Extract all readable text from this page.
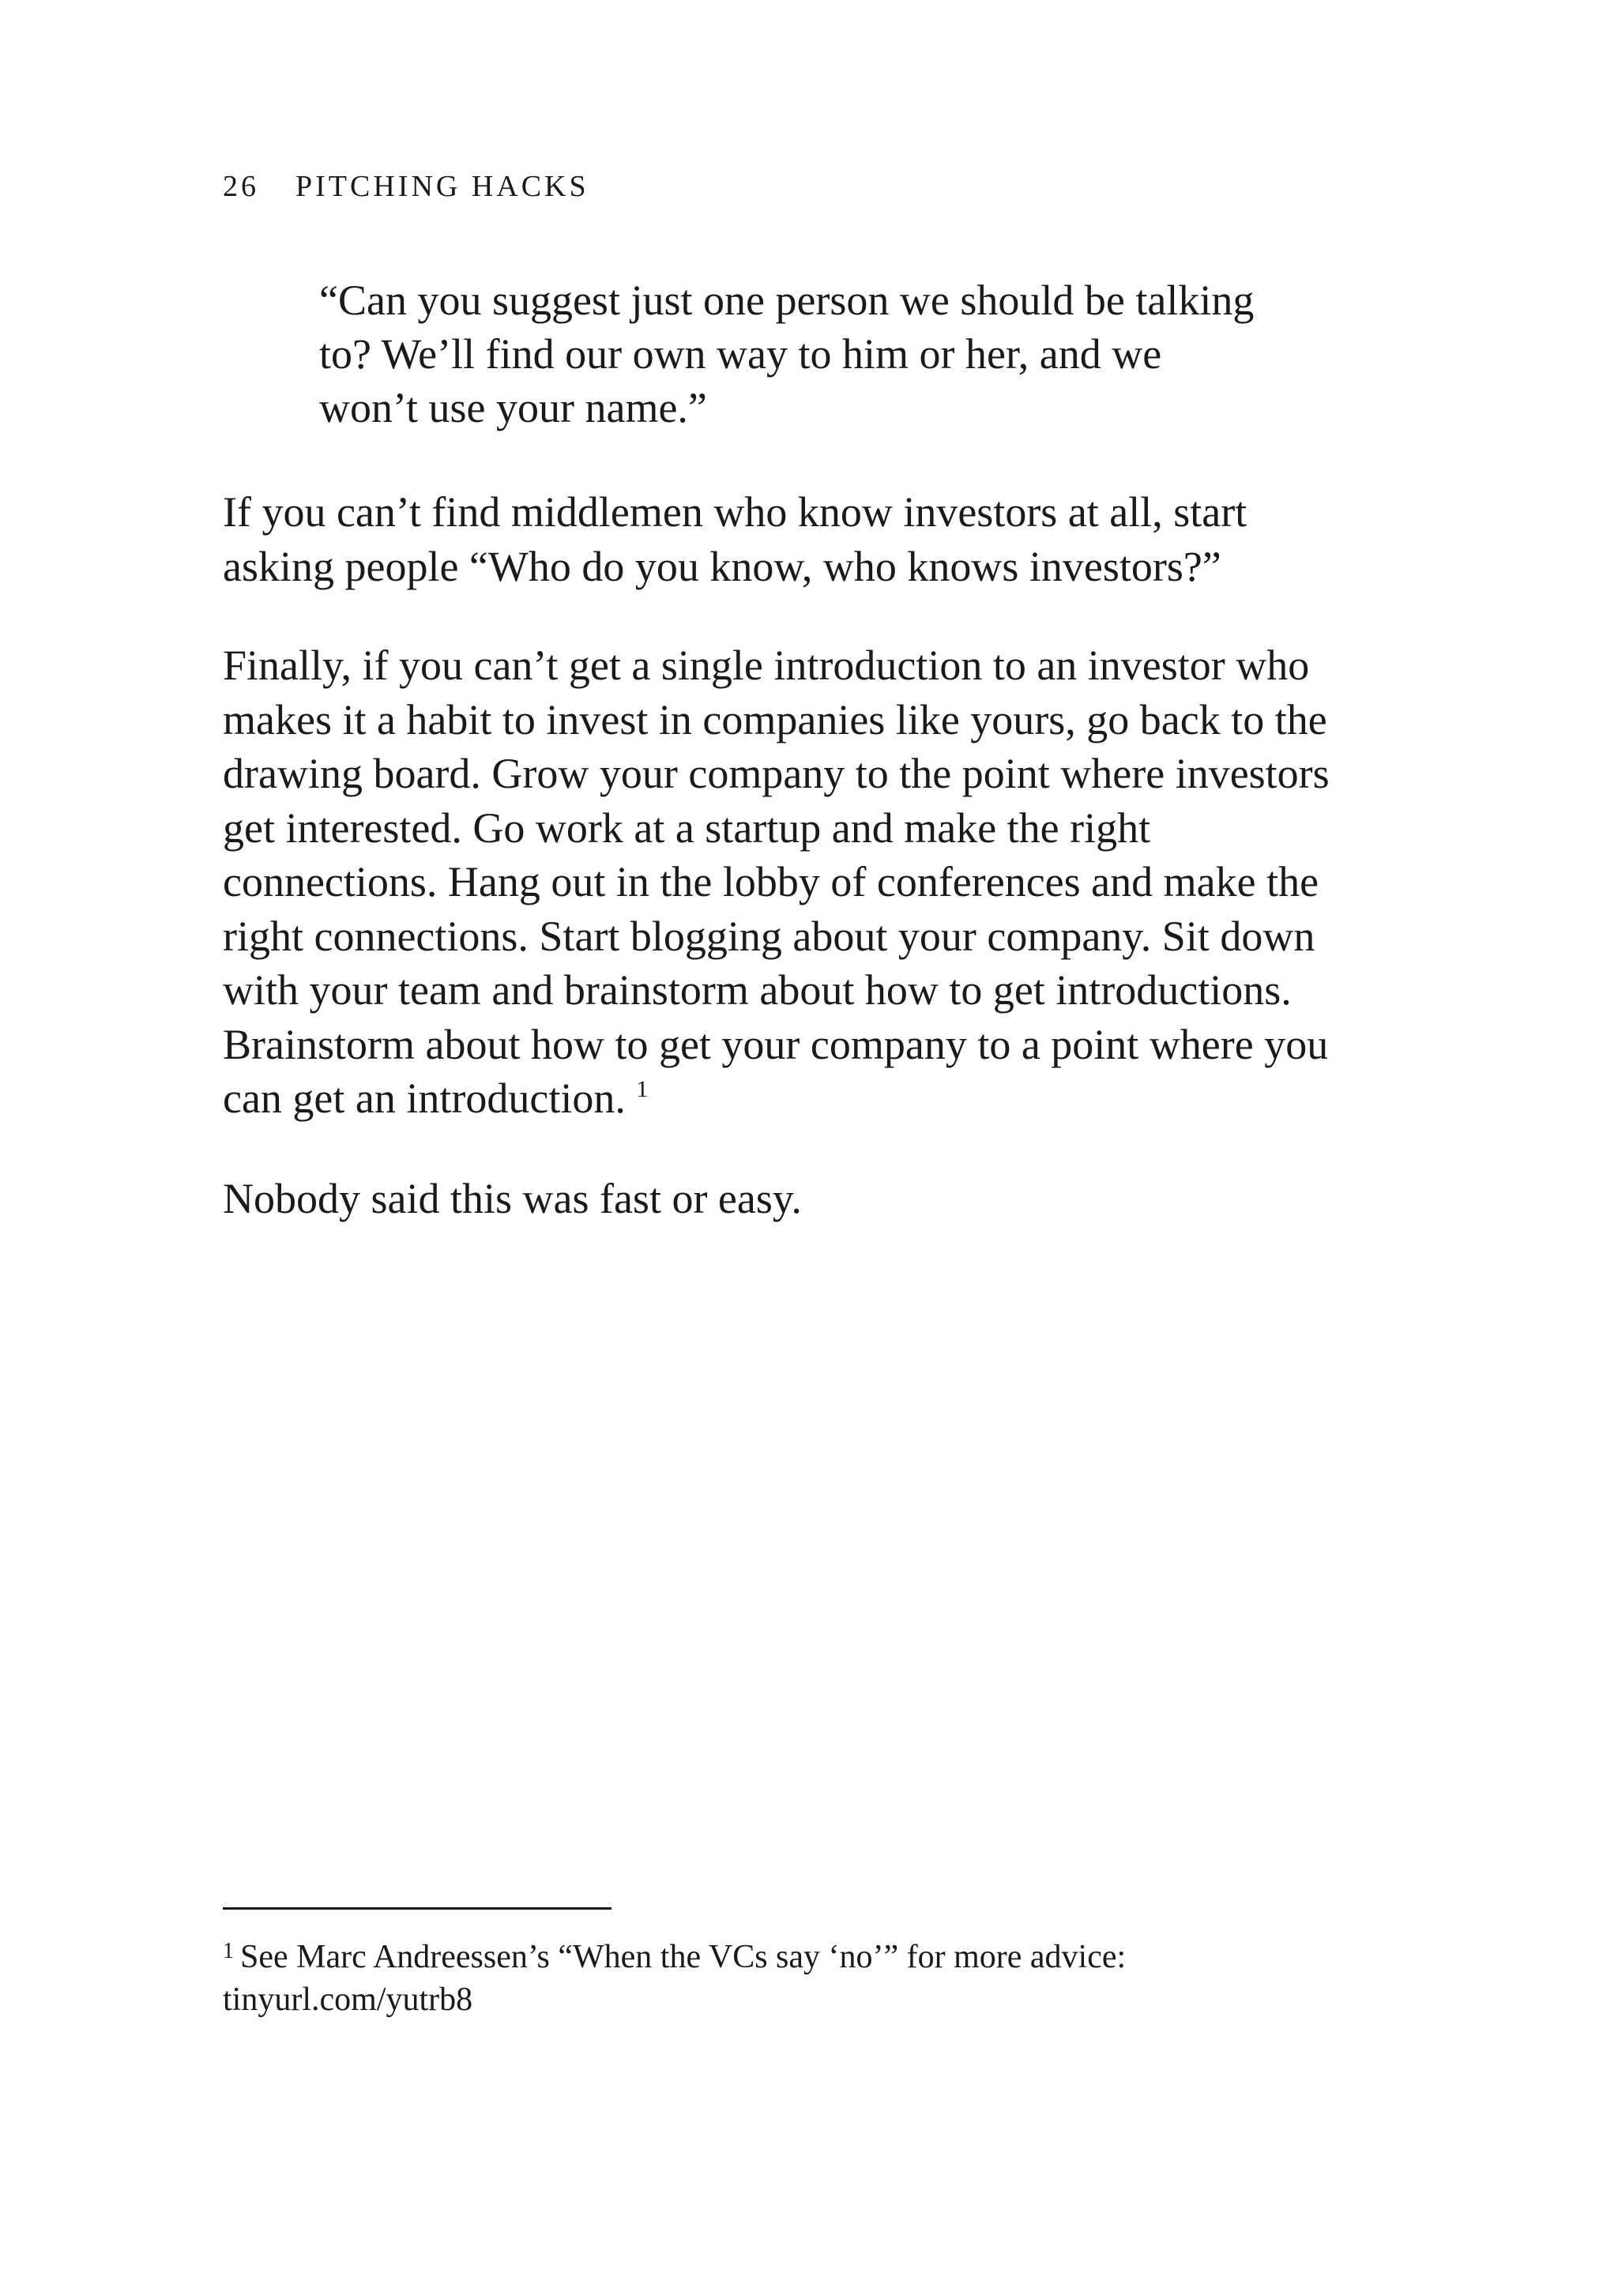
26 PITCHING HACKS
“Can you suggest just one person we should be talking
to? We’ll find our own way to him or her, and we
won’t use your name.”
If you can’t find middlemen who know investors at all, start
asking people “Who do you know, who knows investors?”
Finally, if you can’t get a single introduction to an investor who
makes it a habit to invest in companies like yours, go back to the
drawing board. Grow your company to the point where investors
get interested. Go work at a startup and make the right
connections. Hang out in the lobby of conferences and make the
right connections. Start blogging about your company. Sit down
with your team and brainstorm about how to get introductions.
Brainstorm about how to get your company to a point where you
can get an introduction. $^1$
Nobody said this was fast or easy.
$^1$ See Marc Andreessen’s “When the VCs say ‘no’” for more advice:
tinyurl.com/yutrb8
